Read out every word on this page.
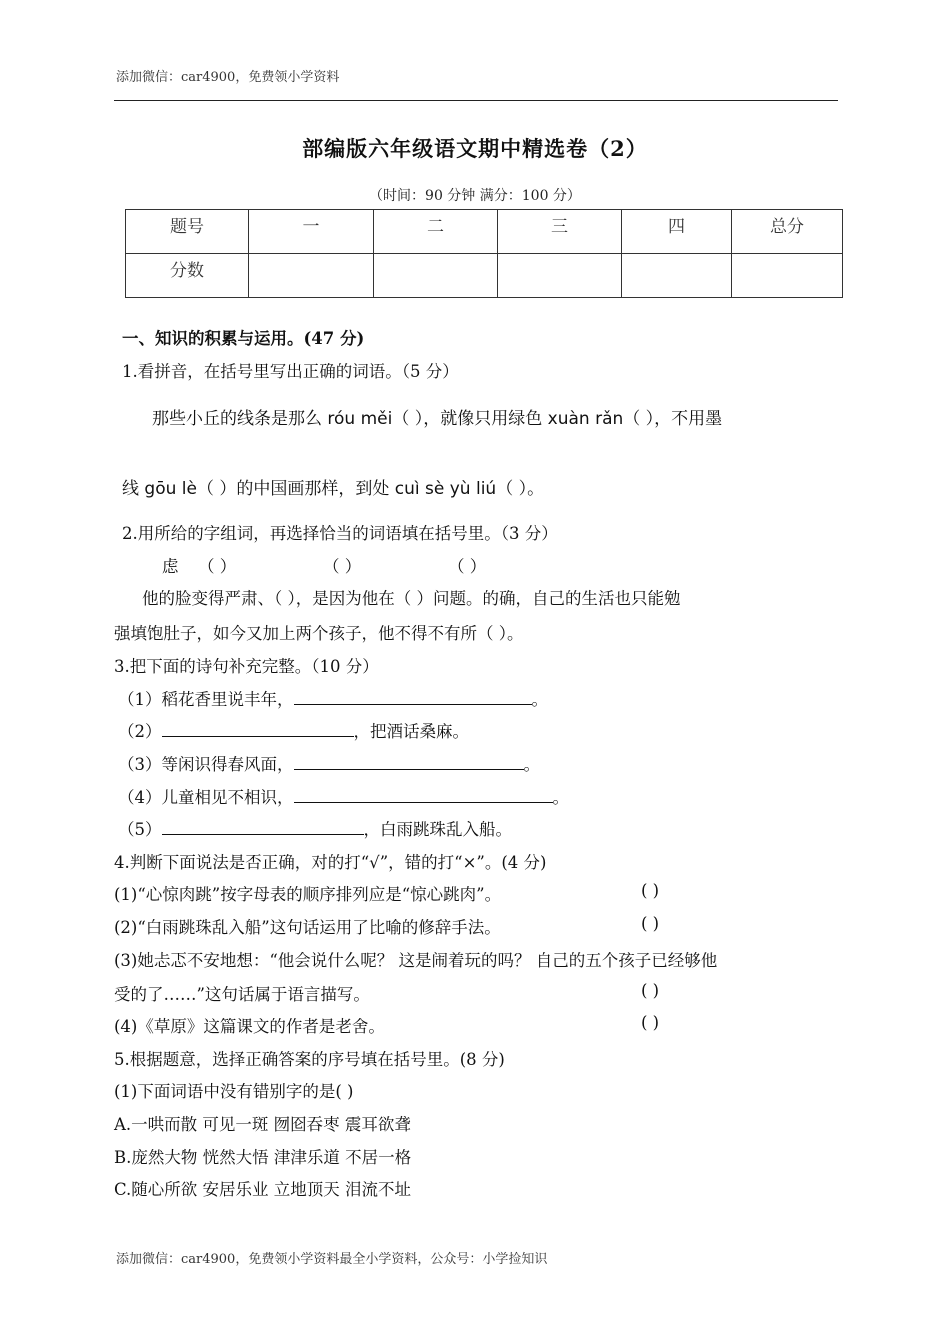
添加微信：car4900，免费领小学资料
部编版六年级语文期中精选卷（2）
（时间：90 分钟 满分：100 分）
题号	一	二	三	四	总分
分数					
一、知识的积累与运用。(47 分)
1.看拼音，在括号里写出正确的词语。（5 分）
那些小丘的线条是那么 róu měi（ ），就像只用绿色 xuàn rǎn（ ），不用墨
线 gōu lè（ ）的中国画那样，到处 cuì sè yù liú（ ）。
2.用所给的字组词，再选择恰当的词语填在括号里。（3 分）
虑 （ ）	（ ）	（ ）
他的脸变得严肃、（ ），是因为他在（ ）问题。的确，自己的生活也只能勉
强填饱肚子，如今又加上两个孩子，他不得不有所（ ）。
3.把下面的诗句补充完整。（10 分）
（1）稻花香里说丰年，	。
（2）	，把酒话桑麻。
（3）等闲识得春风面，	。
（4）儿童相见不相识，	。
（5）	，白雨跳珠乱入船。
4.判断下面说法是否正确，对的打“√”，错的打“×”。(4 分)
(1)“心惊肉跳”按字母表的顺序排列应是“惊心跳肉”。	( )
(2)“白雨跳珠乱入船”这句话运用了比喻的修辞手法。	( )
(3)她忐忑不安地想：“他会说什么呢？ 这是闹着玩的吗？ 自己的五个孩子已经够他
受的了……”这句话属于语言描写。	( )
(4)《草原》这篇课文的作者是老舍。	( )
5.根据题意，选择正确答案的序号填在括号里。(8 分)
(1)下面词语中没有错别字的是( )
A.一哄而散 可见一斑 囫囵吞枣 震耳欲聋
B.庞然大物 恍然大悟 津津乐道 不居一格
C.随心所欲 安居乐业 立地顶天 泪流不址
添加微信：car4900，免费领小学资料最全小学资料，公众号：小学捡知识
